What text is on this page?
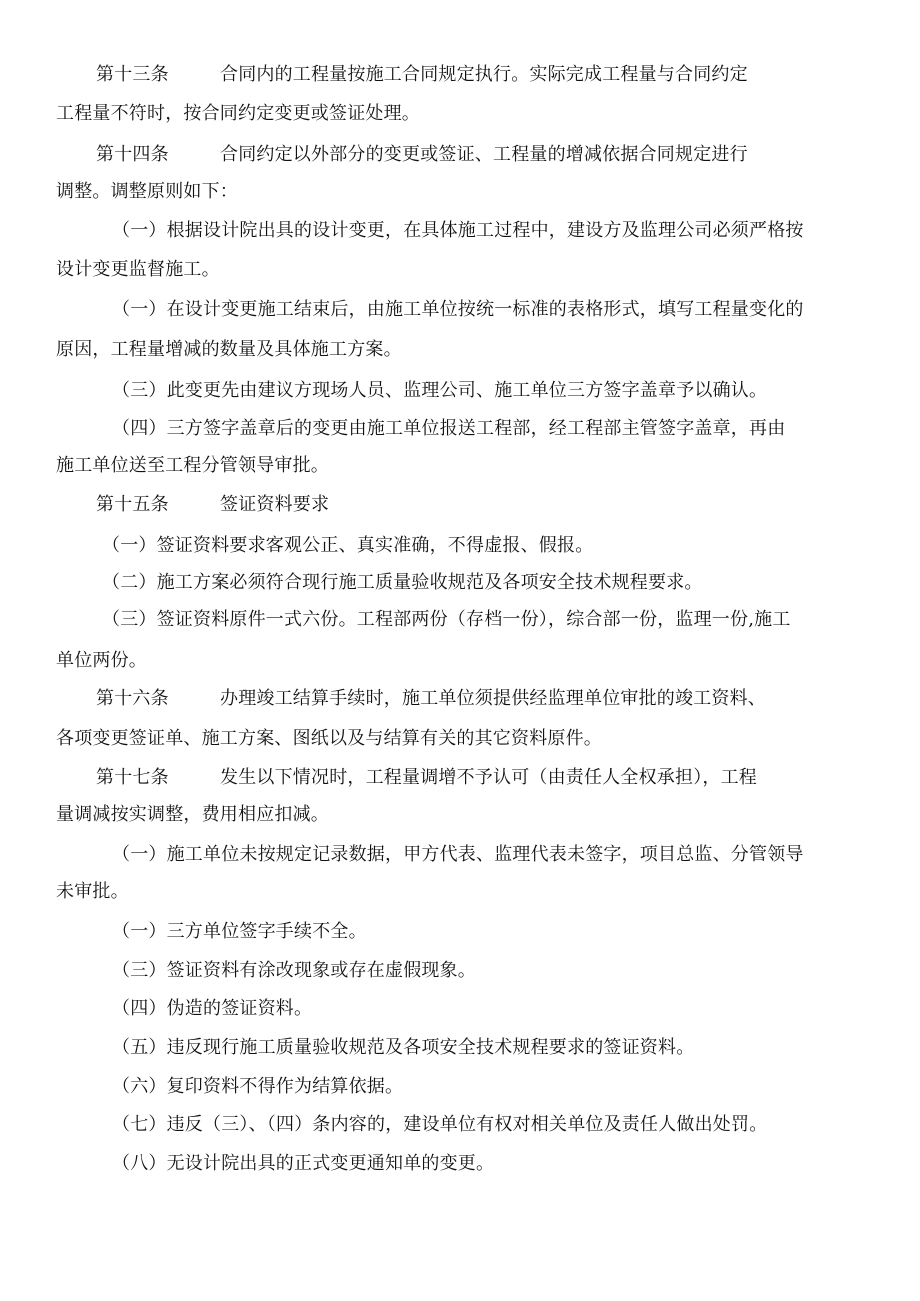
第十三条	合同内的工程量按施工合同规定执行。实际完成工程量与合同约定
工程量不符时，按合同约定变更或签证处理。
第十四条	合同约定以外部分的变更或签证、工程量的增减依据合同规定进行
调整。调整原则如下：
（一）根据设计院出具的设计变更，在具体施工过程中，建设方及监理公司必须严格按
设计变更监督施工。
（一）在设计变更施工结束后，由施工单位按统一标准的表格形式，填写工程量变化的
原因，工程量增减的数量及具体施工方案。
（三）此变更先由建议方现场人员、监理公司、施工单位三方签字盖章予以确认。
（四）三方签字盖章后的变更由施工单位报送工程部，经工程部主管签字盖章，再由
施工单位送至工程分管领导审批。
第十五条	签证资料要求
（一）签证资料要求客观公正、真实准确，不得虚报、假报。
（二）施工方案必须符合现行施工质量验收规范及各项安全技术规程要求。
（三）签证资料原件一式六份。工程部两份（存档一份），综合部一份，监理一份,施工
单位两份。
第十六条	办理竣工结算手续时，施工单位须提供经监理单位审批的竣工资料、
各项变更签证单、施工方案、图纸以及与结算有关的其它资料原件。
第十七条	发生以下情况时，工程量调增不予认可（由责任人全权承担），工程
量调减按实调整，费用相应扣减。
（一）施工单位未按规定记录数据，甲方代表、监理代表未签字，项目总监、分管领导
未审批。
（一）三方单位签字手续不全。
（三）签证资料有涂改现象或存在虚假现象。
（四）伪造的签证资料。
（五）违反现行施工质量验收规范及各项安全技术规程要求的签证资料。
（六）复印资料不得作为结算依据。
（七）违反（三）、（四）条内容的，建设单位有权对相关单位及责任人做出处罚。
（八）无设计院出具的正式变更通知单的变更。
